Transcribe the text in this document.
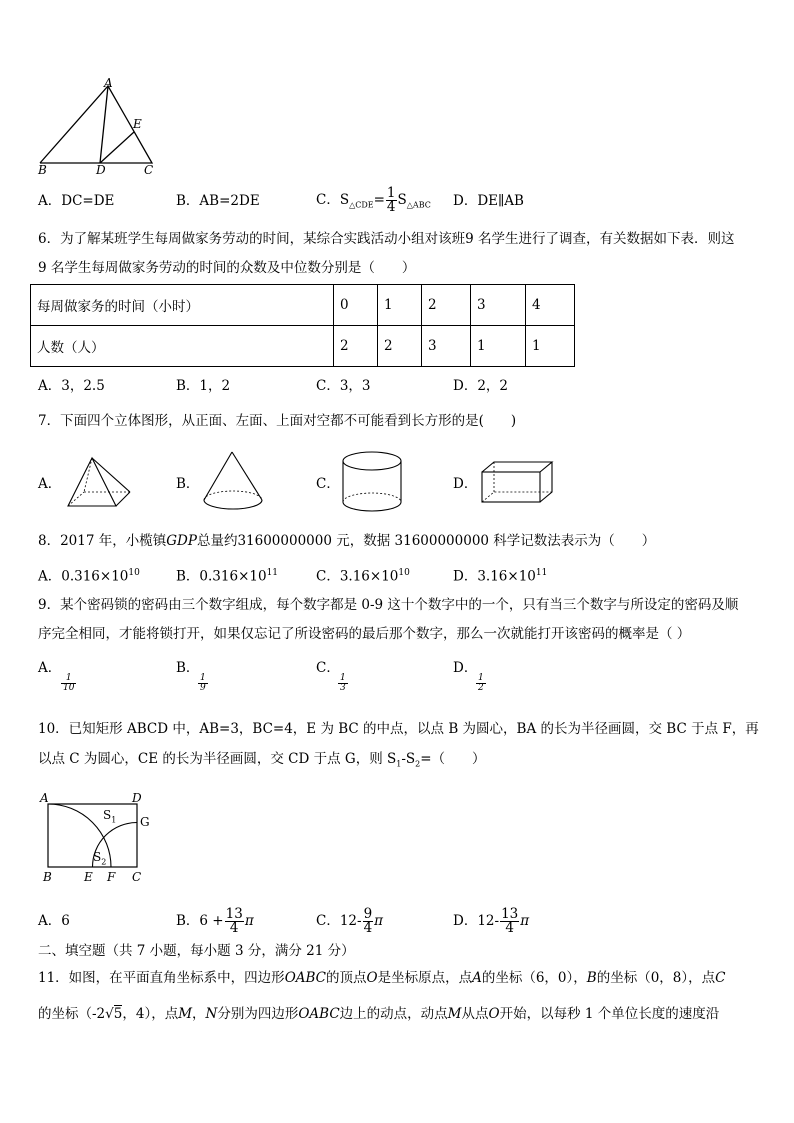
A
E
B	D	C
A．DC=DE	B．AB=2DE	C．$S_{\triangle CDE}= \frac{1}{4} S_{\triangle ABC}$ D．DE∥AB
6．为了解某班学生每周做家务劳动的时间，某综合实践活动小组对该班9 名学生进行了调查，有关数据如下表．则这
9 名学生每周做家务劳动的时间的众数及中位数分别是（　　）
每周做家务的时间（小时）	0	1	2	3	4
人数（人）	2	2	3	1	1
A．3，2.5	B．1，2	C．3，3	D．2，2
7．下面四个立体图形，从正面、左面、上面对空都不可能看到长方形的是(　　)
A．	B．	C．	D．
8．2017 年，小榄镇GDP总量约31600000000 元，数据 31600000000 科学记数法表示为（　　）
A．$0.316\times 10^{10}$	B．$0.316\times 10^{11}$	C．$3.16\times 10^{10}$	D．$3.16\times 10^{11}$
9．某个密码锁的密码由三个数字组成，每个数字都是 0-9 这十个数字中的一个，只有当三个数字与所设定的密码及顺
序完全相同，才能将锁打开，如果仅忘记了所设密码的最后那个数字，那么一次就能打开该密码的概率是（ ）
A．
$\frac{1}{10}$
B．
$\frac{1}{9}$
C．
$\frac{1}{3}$
D．
$\frac{1}{2}$
10．已知矩形 ABCD 中，AB=3，BC=4，E 为 BC 的中点，以点 B 为圆心，BA 的长为半径画圆，交 BC 于点 F，再
以点 C 为圆心，CE 的长为半径画圆，交 CD 于点 G，则 $S_1-S_2=$（　　）
A	D
$S_1$ G
$S_2$
B	E F C
A．6	B．$6 + \frac{13}{4}$ π	C．$12- \frac{9}{4}$ π	D．$12- \frac{13}{4}$ π
二、填空题（共 7 小题，每小题 3 分，满分 21 分）
11．如图，在平面直角坐标系中，四边形OABC的顶点O是坐标原点，点A的坐标（6，0），B的坐标（0，8），点C
的坐标（-2√5，4），点M，N分别为四边形OABC边上的动点，动点M从点O开始，以每秒 1 个单位长度的速度沿
